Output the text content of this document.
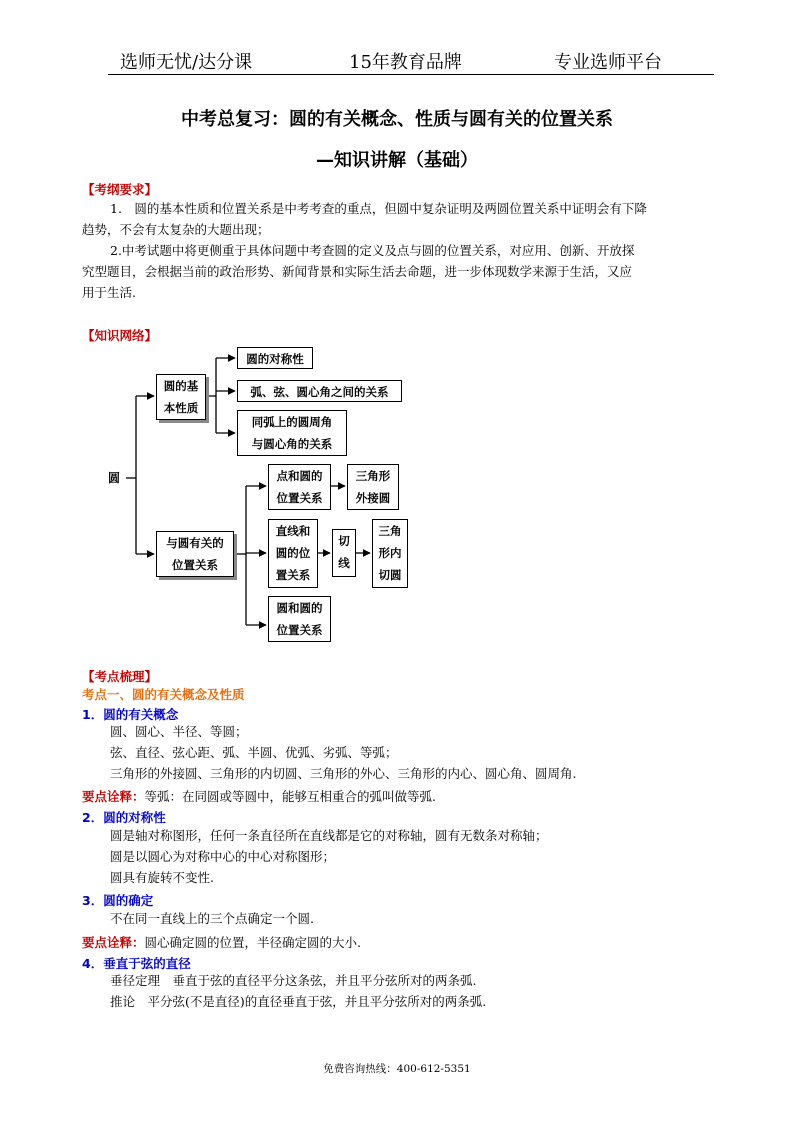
选师无忧/达分课	15年教育品牌	专业选师平台
中考总复习：圆的有关概念、性质与圆有关的位置关系
—知识讲解（基础）
【考纲要求】
1.　圆的基本性质和位置关系是中考考查的重点，但圆中复杂证明及两圆位置关系中证明会有下降
趋势，不会有太复杂的大题出现；
2.中考试题中将更侧重于具体问题中考查圆的定义及点与圆的位置关系，对应用、创新、开放探
究型题目，会根据当前的政治形势、新闻背景和实际生活去命题，进一步体现数学来源于生活，又应
用于生活.
【知识网络】
圆
圆的基
本性质
圆的对称性
弧、弦、圆心角之间的关系
同弧上的圆周角
与圆心角的关系
与圆有关的
位置关系
点和圆的
位置关系
三角形
外接圆
直线和
圆的位
置关系
切
线
三角
形内
切圆
圆和圆的
位置关系
【考点梳理】
考点一、圆的有关概念及性质
1．圆的有关概念
圆、圆心、半径、等圆；
弦、直径、弦心距、弧、半圆、优弧、劣弧、等弧；
三角形的外接圆、三角形的内切圆、三角形的外心、三角形的内心、圆心角、圆周角.
要点诠释：等弧：在同圆或等圆中，能够互相重合的弧叫做等弧.
2．圆的对称性
圆是轴对称图形，任何一条直径所在直线都是它的对称轴，圆有无数条对称轴；
圆是以圆心为对称中心的中心对称图形；
圆具有旋转不变性.
3．圆的确定
不在同一直线上的三个点确定一个圆.
要点诠释：圆心确定圆的位置，半径确定圆的大小.
4．垂直于弦的直径
垂径定理　垂直于弦的直径平分这条弦，并且平分弦所对的两条弧.
推论　平分弦(不是直径)的直径垂直于弦，并且平分弦所对的两条弧.
免费咨询热线：400-612-5351
